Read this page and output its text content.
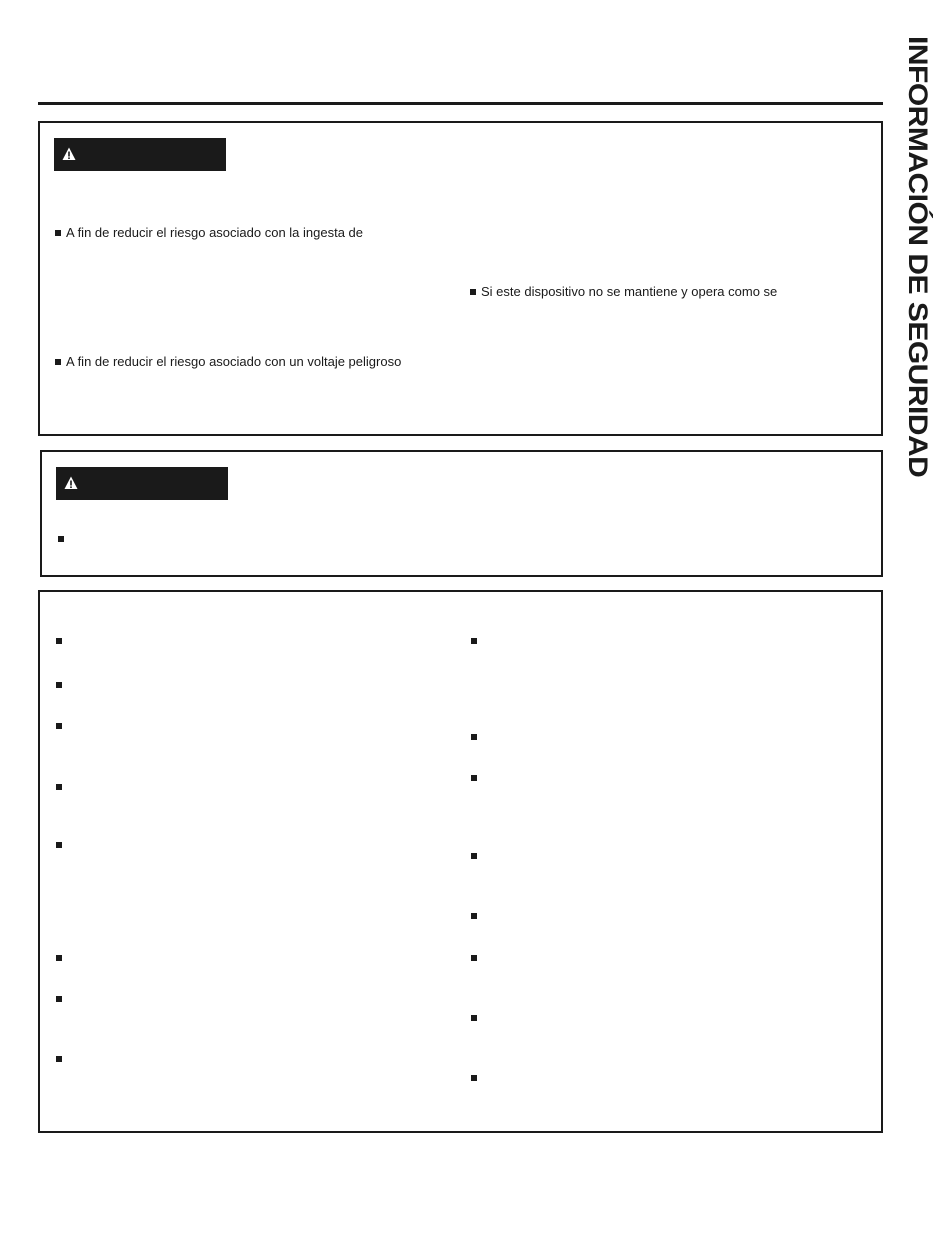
INFORMACIÓN DE SEGURIDAD
A fin de reducir el riesgo asociado con la ingesta de
Si este dispositivo no se mantiene y opera como se
A fin de reducir el riesgo asociado con un voltaje peligroso
